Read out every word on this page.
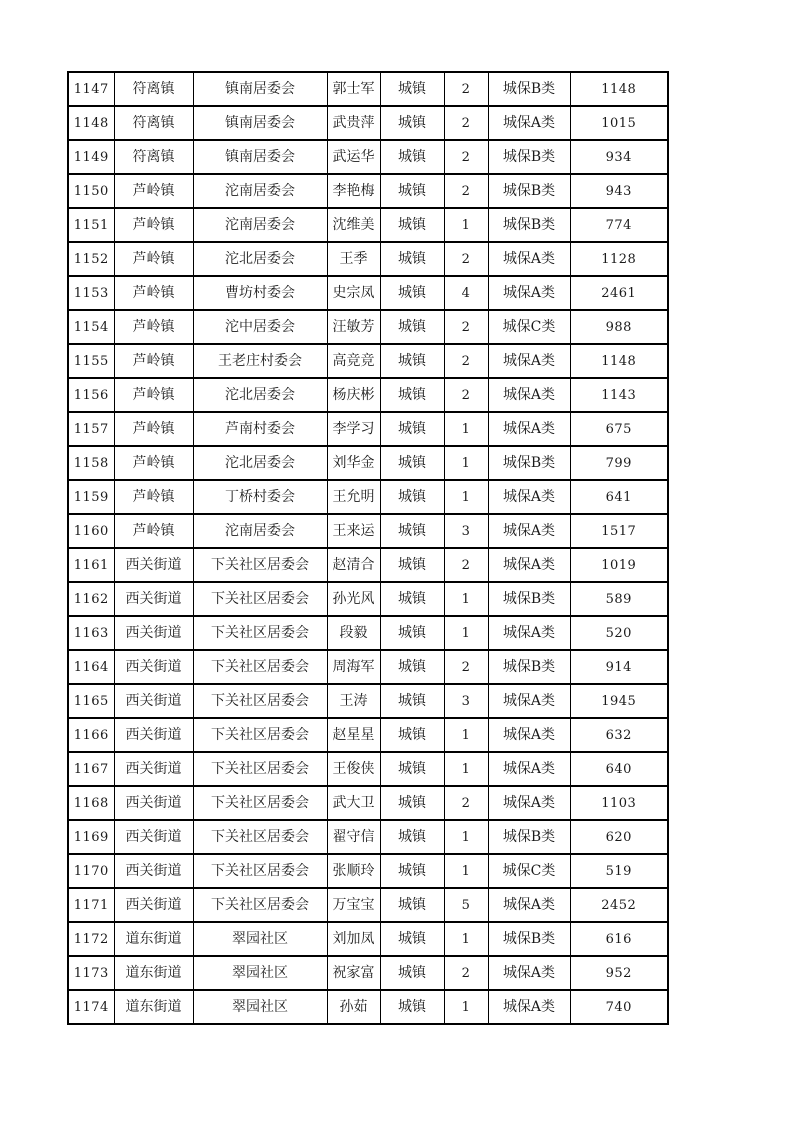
1147	符离镇	镇南居委会	郭士军	城镇	2	城保B类	1148
1148	符离镇	镇南居委会	武贵萍	城镇	2	城保A类	1015
1149	符离镇	镇南居委会	武运华	城镇	2	城保B类	934
1150	芦岭镇	沱南居委会	李艳梅	城镇	2	城保B类	943
1151	芦岭镇	沱南居委会	沈维美	城镇	1	城保B类	774
1152	芦岭镇	沱北居委会	王季	城镇	2	城保A类	1128
1153	芦岭镇	曹坊村委会	史宗凤	城镇	4	城保A类	2461
1154	芦岭镇	沱中居委会	汪敏芳	城镇	2	城保C类	988
1155	芦岭镇	王老庄村委会	高竞竞	城镇	2	城保A类	1148
1156	芦岭镇	沱北居委会	杨庆彬	城镇	2	城保A类	1143
1157	芦岭镇	芦南村委会	李学习	城镇	1	城保A类	675
1158	芦岭镇	沱北居委会	刘华金	城镇	1	城保B类	799
1159	芦岭镇	丁桥村委会	王允明	城镇	1	城保A类	641
1160	芦岭镇	沱南居委会	王来运	城镇	3	城保A类	1517
1161	西关街道	下关社区居委会	赵清合	城镇	2	城保A类	1019
1162	西关街道	下关社区居委会	孙光风	城镇	1	城保B类	589
1163	西关街道	下关社区居委会	段毅	城镇	1	城保A类	520
1164	西关街道	下关社区居委会	周海军	城镇	2	城保B类	914
1165	西关街道	下关社区居委会	王涛	城镇	3	城保A类	1945
1166	西关街道	下关社区居委会	赵星星	城镇	1	城保A类	632
1167	西关街道	下关社区居委会	王俊侠	城镇	1	城保A类	640
1168	西关街道	下关社区居委会	武大卫	城镇	2	城保A类	1103
1169	西关街道	下关社区居委会	翟守信	城镇	1	城保B类	620
1170	西关街道	下关社区居委会	张顺玲	城镇	1	城保C类	519
1171	西关街道	下关社区居委会	万宝宝	城镇	5	城保A类	2452
1172	道东街道	翠园社区	刘加凤	城镇	1	城保B类	616
1173	道东街道	翠园社区	祝家富	城镇	2	城保A类	952
1174	道东街道	翠园社区	孙茹	城镇	1	城保A类	740
